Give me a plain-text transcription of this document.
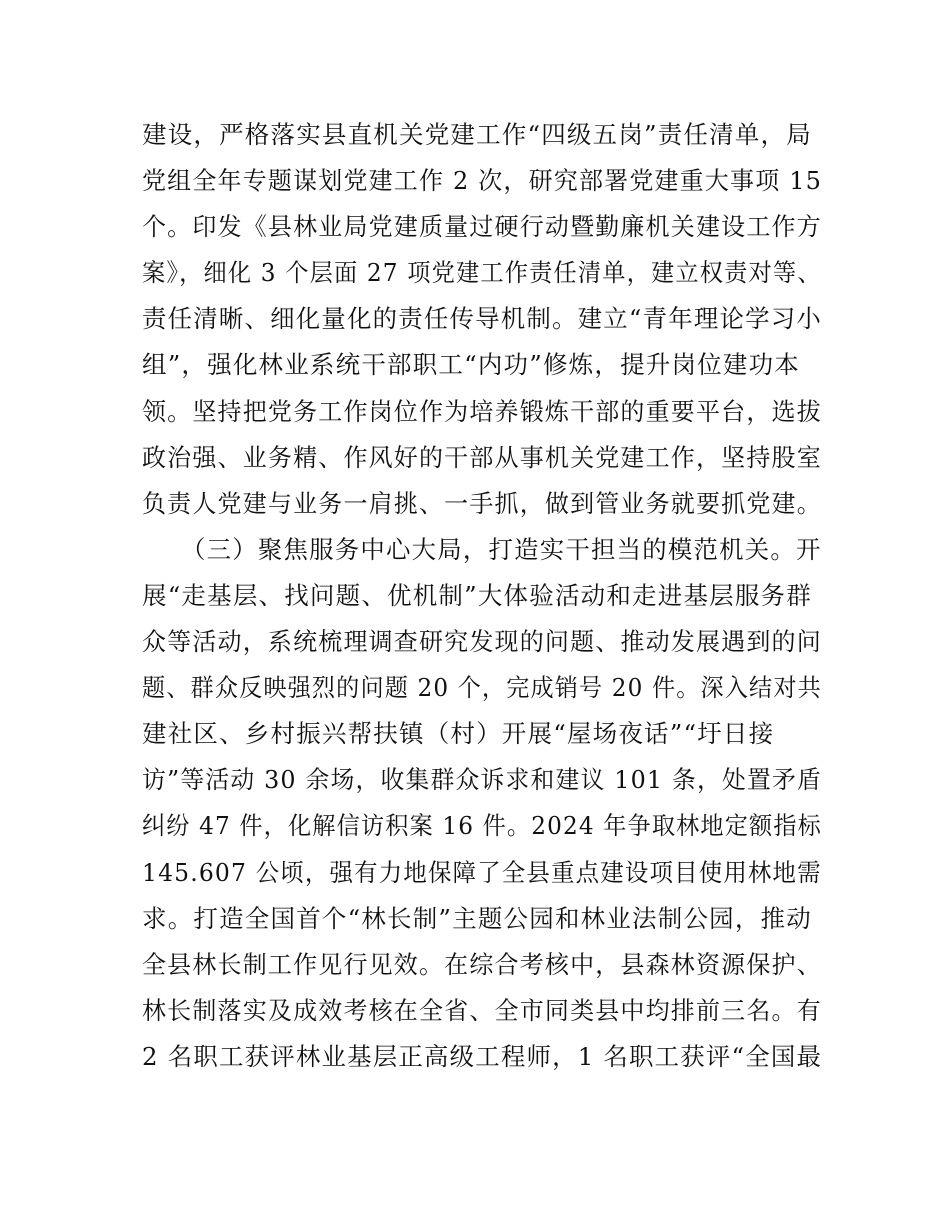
建设，严格落实县直机关党建工作“四级五岗”责任清单，局
党组全年专题谋划党建工作 2 次，研究部署党建重大事项 15
个。印发《县林业局党建质量过硬行动暨勤廉机关建设工作方
案》，细化 3 个层面 27 项党建工作责任清单，建立权责对等、
责任清晰、细化量化的责任传导机制。建立“青年理论学习小
组”，强化林业系统干部职工“内功”修炼，提升岗位建功本
领。坚持把党务工作岗位作为培养锻炼干部的重要平台，选拔
政治强、业务精、作风好的干部从事机关党建工作，坚持股室
负责人党建与业务一肩挑、一手抓，做到管业务就要抓党建。
　　（三）聚焦服务中心大局，打造实干担当的模范机关。开
展“走基层、找问题、优机制”大体验活动和走进基层服务群
众等活动，系统梳理调查研究发现的问题、推动发展遇到的问
题、群众反映强烈的问题 20 个，完成销号 20 件。深入结对共
建社区、乡村振兴帮扶镇（村）开展“屋场夜话”“圩日接
访”等活动 30 余场，收集群众诉求和建议 101 条，处置矛盾
纠纷 47 件，化解信访积案 16 件。2024 年争取林地定额指标
145.607 公顷，强有力地保障了全县重点建设项目使用林地需
求。打造全国首个“林长制”主题公园和林业法制公园，推动
全县林长制工作见行见效。在综合考核中，县森林资源保护、
林长制落实及成效考核在全省、全市同类县中均排前三名。有
2 名职工获评林业基层正高级工程师，1 名职工获评“全国最
